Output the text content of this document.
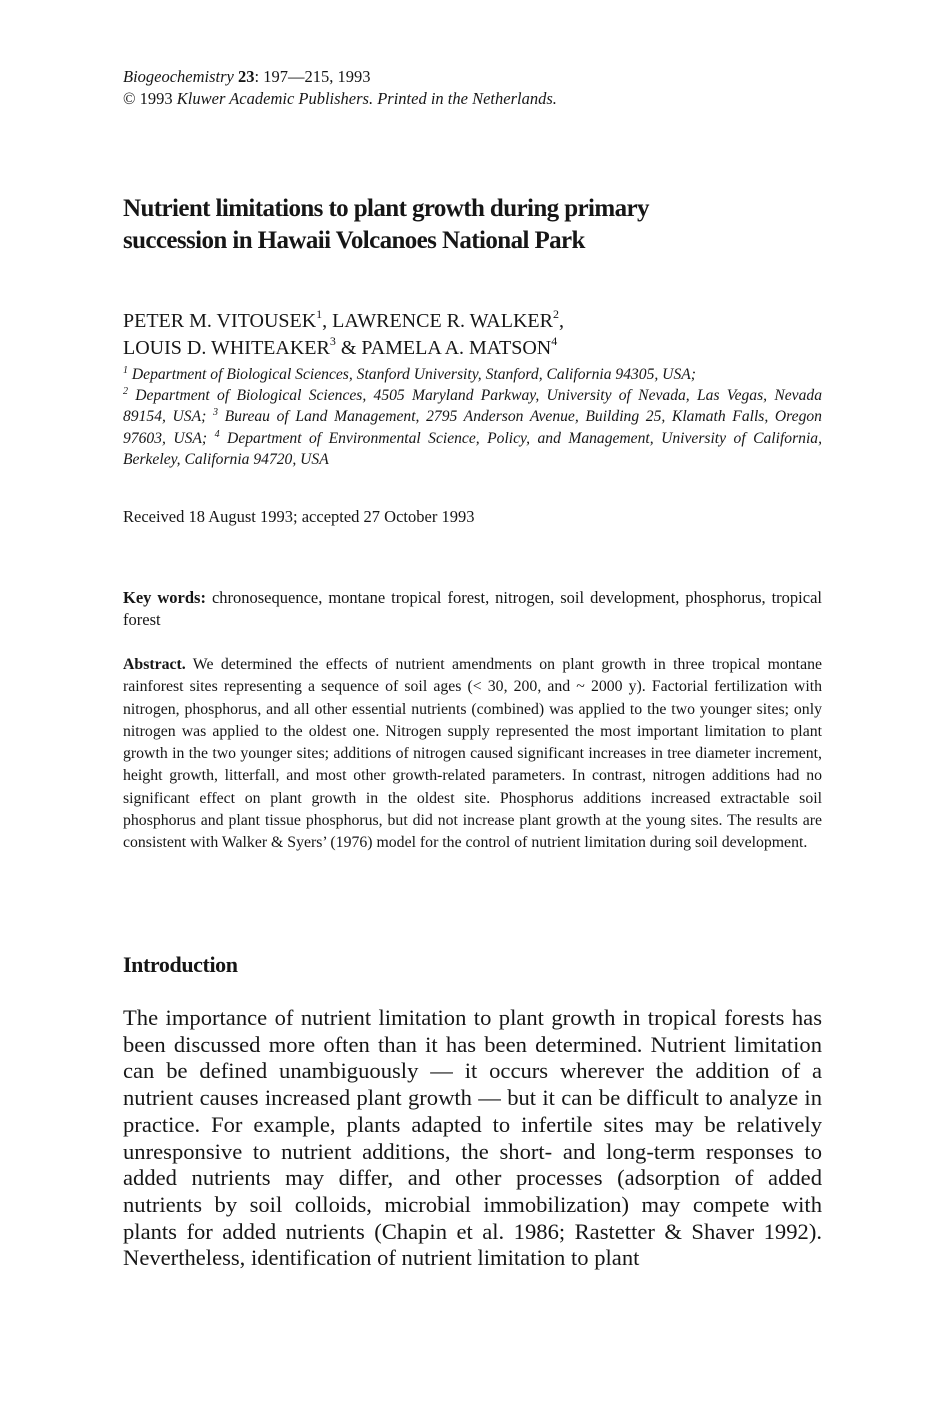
Biogeochemistry 23: 197—215, 1993
© 1993 Kluwer Academic Publishers. Printed in the Netherlands.
Nutrient limitations to plant growth during primary
succession in Hawaii Volcanoes National Park
PETER M. VITOUSEK$^1$, LAWRENCE R. WALKER$^2$,
LOUIS D. WHITEAKER$^3$ & PAMELA A. MATSON$^4$
$^1$ Department of Biological Sciences, Stanford University, Stanford, California 94305, USA;
$^2$ Department of Biological Sciences, 4505 Maryland Parkway, University of Nevada, Las Vegas, Nevada 89154, USA; $^3$ Bureau of Land Management, 2795 Anderson Avenue, Building 25, Klamath Falls, Oregon 97603, USA; $^4$ Department of Environmental Science, Policy, and Management, University of California, Berkeley, California 94720, USA
Received 18 August 1993; accepted 27 October 1993
Key words: chronosequence, montane tropical forest, nitrogen, soil development, phosphorus, tropical forest
Abstract. We determined the effects of nutrient amendments on plant growth in three tropical montane rainforest sites representing a sequence of soil ages (< 30, 200, and ~ 2000 y). Factorial fertilization with nitrogen, phosphorus, and all other essential nutrients (combined) was applied to the two younger sites; only nitrogen was applied to the oldest one. Nitrogen supply represented the most important limitation to plant growth in the two younger sites; additions of nitrogen caused significant increases in tree diameter increment, height growth, litterfall, and most other growth-related parameters. In contrast, nitrogen additions had no significant effect on plant growth in the oldest site. Phosphorus additions increased extractable soil phosphorus and plant tissue phosphorus, but did not increase plant growth at the young sites. The results are consistent with Walker & Syers’ (1976) model for the control of nutrient limitation during soil development.
Introduction
The importance of nutrient limitation to plant growth in tropical forests has been discussed more often than it has been determined. Nutrient limitation can be defined unambiguously — it occurs wherever the addition of a nutrient causes increased plant growth — but it can be difficult to analyze in practice. For example, plants adapted to infertile sites may be relatively unresponsive to nutrient additions, the short- and long-term responses to added nutrients may differ, and other processes (adsorption of added nutrients by soil colloids, microbial immobilization) may compete with plants for added nutrients (Chapin et al. 1986; Rastetter & Shaver 1992). Nevertheless, identification of nutrient limitation to plant
